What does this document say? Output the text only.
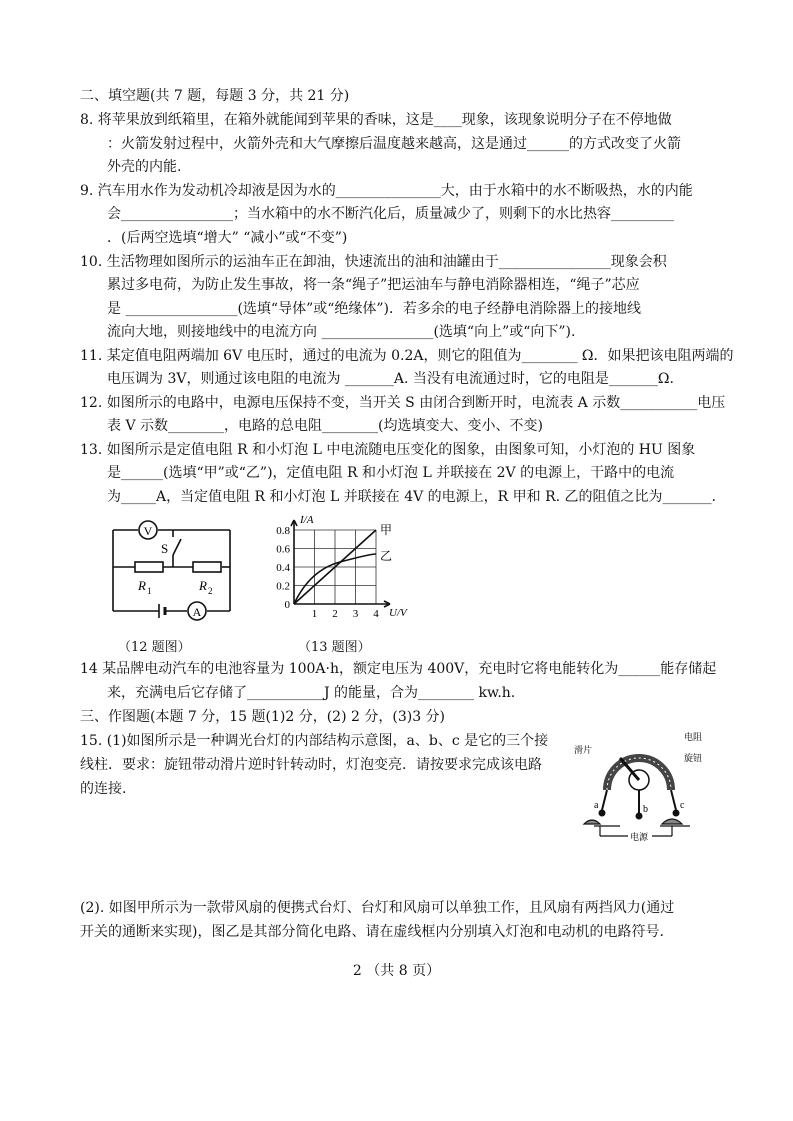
二、填空题(共 7 题，每题 3 分，共 21 分)
8. 将苹果放到纸箱里，在箱外就能闻到苹果的香味，这是____现象，该现象说明分子在不停地做
：火箭发射过程中，火箭外壳和大气摩擦后温度越来越高，这是通过______的方式改变了火箭
外壳的内能.
9. 汽车用水作为发动机冷却液是因为水的_______________大，由于水箱中的水不断吸热，水的内能
会________________；当水箱中的水不断汽化后，质量减少了，则剩下的水比热容_________
．(后两空选填“增大” “减小”或“不变”)
10. 生活物理如图所示的运油车正在卸油，快速流出的油和油罐由于________________现象会积
累过多电荷，为防止发生事故，将一条“绳子”把运油车与静电消除器相连，“绳子”芯应
是 ________________(选填“导体”或“绝缘体”)．若多余的电子经静电消除器上的接地线
流向大地，则接地线中的电流方向 ________________(选填“向上”或“向下”).
11. 某定值电阻两端加 6V 电压时，通过的电流为 0.2A，则它的阻值为________ Ω．如果把该电阻两端的
电压调为 3V，则通过该电阻的电流为 _______A. 当没有电流通过时，它的电阻是_______Ω.
12. 如图所示的电路中，电源电压保持不变，当开关 S 由闭合到断开时，电流表 A 示数___________电压
表 V 示数________，电路的总电阻________(均选填变大、变小、不变)
13. 如图所示是定值电阻 R 和小灯泡 L 中电流随电压变化的图象，由图象可知，小灯泡的 HU 图象
是______(选填“甲”或“乙”)，定值电阻 R 和小灯泡 L 并联接在 2V 的电源上，干路中的电流
为_____A，当定值电阻 R 和小灯泡 L 并联接在 4V 的电源上，R 甲和 R. 乙的阻值之比为_______.
V
A
S
R 1	R 2
（12 题图）
0.8
0.6
0.4
0.2
0
1 2 3 4
I/A
U/V
甲
乙
（13 题图）
14 某品牌电动汽车的电池容量为 100A·h，额定电压为 400V，充电时它将电能转化为______能存储起
来，充满电后它存储了___________J 的能量，合为________ kw.h.
三、作图题(本题 7 分，15 题(1)2 分，(2) 2 分，(3)3 分)
15. (1)如图所示是一种调光台灯的内部结构示意图，a、b、c 是它的三个接
线柱．要求：旋钮带动滑片逆时针转动时，灯泡变亮．请按要求完成该电路
的连接.
滑片
电阻
旋钮
a	b	c
电源
(2). 如图甲所示为一款带风扇的便携式台灯、台灯和风扇可以单独工作，且风扇有两挡风力(通过
开关的通断来实现)，图乙是其部分简化电路、请在虚线框内分别填入灯泡和电动机的电路符号.
2 （共 8 页）
